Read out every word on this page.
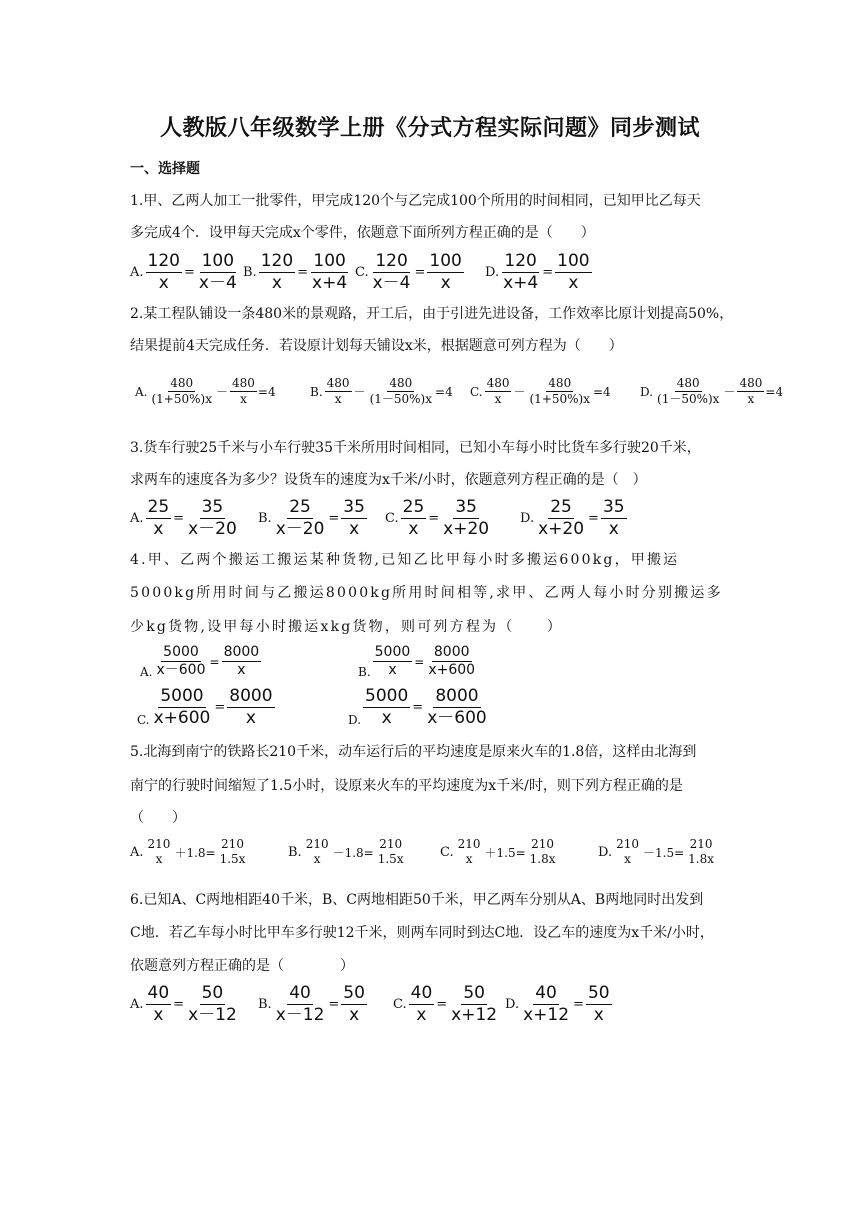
人教版八年级数学上册《分式方程实际问题》同步测试
一、选择题
1.甲、乙两人加工一批零件，甲完成120个与乙完成100个所用的时间相同，已知甲比乙每天
多完成4个．设甲每天完成x个零件，依题意下面所列方程正确的是（　　）
A. $\frac{120}{x} = \frac{100}{x-4} B$. $\frac{120}{x} = \frac{100}{x+4} C$. $\frac{120}{x-4} = \frac{100}{x} D$. $\frac{120}{x+4} = \frac{100}{x}$
2.某工程队铺设一条480米的景观路，开工后，由于引进先进设备，工作效率比原计划提高50%，
结果提前4天完成任务．若设原计划每天铺设x米，根据题意可列方程为（　　）
A. $\frac{480}{(1+50\%)x} - \frac{480}{x} =4$	B. $\frac{480}{x} - \frac{480}{(1-50\%)x} =4$ C. $\frac{480}{x} - \frac{480}{(1+50\%)x} =4$ D. $\frac{480}{(1-50\%)x} - \frac{480}{x} =4$
3.货车行驶25千米与小车行驶35千米所用时间相同，已知小车每小时比货车多行驶20千米，
求两车的速度各为多少？设货车的速度为x千米/小时，依题意列方程正确的是（　）
A. $\frac{25}{x} = \frac{35}{x-20} B$. $\frac{25}{x-20} = \frac{35}{x} C$. $\frac{25}{x} = \frac{35}{x+20} D$. $\frac{25}{x+20} = \frac{35}{x}$
4.甲、乙两个搬运工搬运某种货物,已知乙比甲每小时多搬运600kg，甲搬运
5000kg所用时间与乙搬运8000kg所用时间相等,求甲、乙两人每小时分别搬运多
少kg货物,设甲每小时搬运xkg货物，则可列方程为（　　）
A. $\frac{5000}{x-600} = \frac{8000}{x}$	B. $\frac{5000}{x} = \frac{8000}{x+600}$
C. $\frac{5000}{x+600} = \frac{8000}{x}$	D. $\frac{5000}{x} = \frac{8000}{x-600}$
5.北海到南宁的铁路长210千米，动车运行后的平均速度是原来火车的1.8倍，这样由北海到
南宁的行驶时间缩短了1.5小时，设原来火车的平均速度为x千米/时，则下列方程正确的是
（　　）
A.
210
x ＋1.8=
210
1.5x	B.
210
x －1.8=
210
1.5x	C.
210
x ＋1.5=
210
1.8x	D.
210
x －1.5=
210
1.8x
6.已知A、C两地相距40千米，B、C两地相距50千米，甲乙两车分别从A、B两地同时出发到
C地．若乙车每小时比甲车多行驶12千米，则两车同时到达C地．设乙车的速度为x千米/小时，
依题意列方程正确的是（　　　　）
A. $\frac{40}{x} = \frac{50}{x-12} B$. $\frac{40}{x-12} = \frac{50}{x} C$. $\frac{40}{x} = \frac{50}{x+12} D$. $\frac{40}{x+12} = \frac{50}{x}$
